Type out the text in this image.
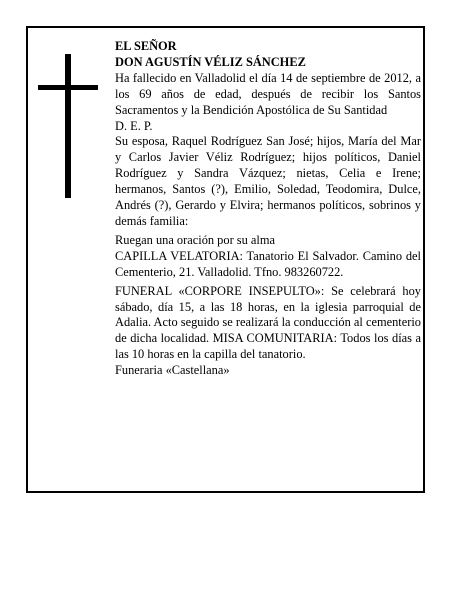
EL SEÑOR
DON AGUSTÍN VÉLIZ SÁNCHEZ
Ha fallecido en Valladolid el día 14 de septiembre de 2012, a los 69 años de edad, después de recibir los Santos Sacramentos y la Bendición Apostólica de Su Santidad
D. E. P.
Su esposa, Raquel Rodríguez San José; hijos, María del Mar y Carlos Javier Véliz Rodríguez; hijos políticos, Daniel Rodríguez y Sandra Vázquez; nietas, Celia e Irene; hermanos, Santos (?), Emilio, Soledad, Teodomira, Dulce, Andrés (?), Gerardo y Elvira; hermanos políticos, sobrinos y demás familia:
Ruegan una oración por su alma
CAPILLA VELATORIA: Tanatorio El Salvador. Camino del Cementerio, 21. Valladolid. Tfno. 983260722.
FUNERAL «CORPORE INSEPULTO»: Se celebrará hoy sábado, día 15, a las 18 horas, en la iglesia parroquial de Adalia. Acto seguido se realizará la conducción al cementerio de dicha localidad. MISA COMUNITARIA: Todos los días a las 10 horas en la capilla del tanatorio.
Funeraria «Castellana»
